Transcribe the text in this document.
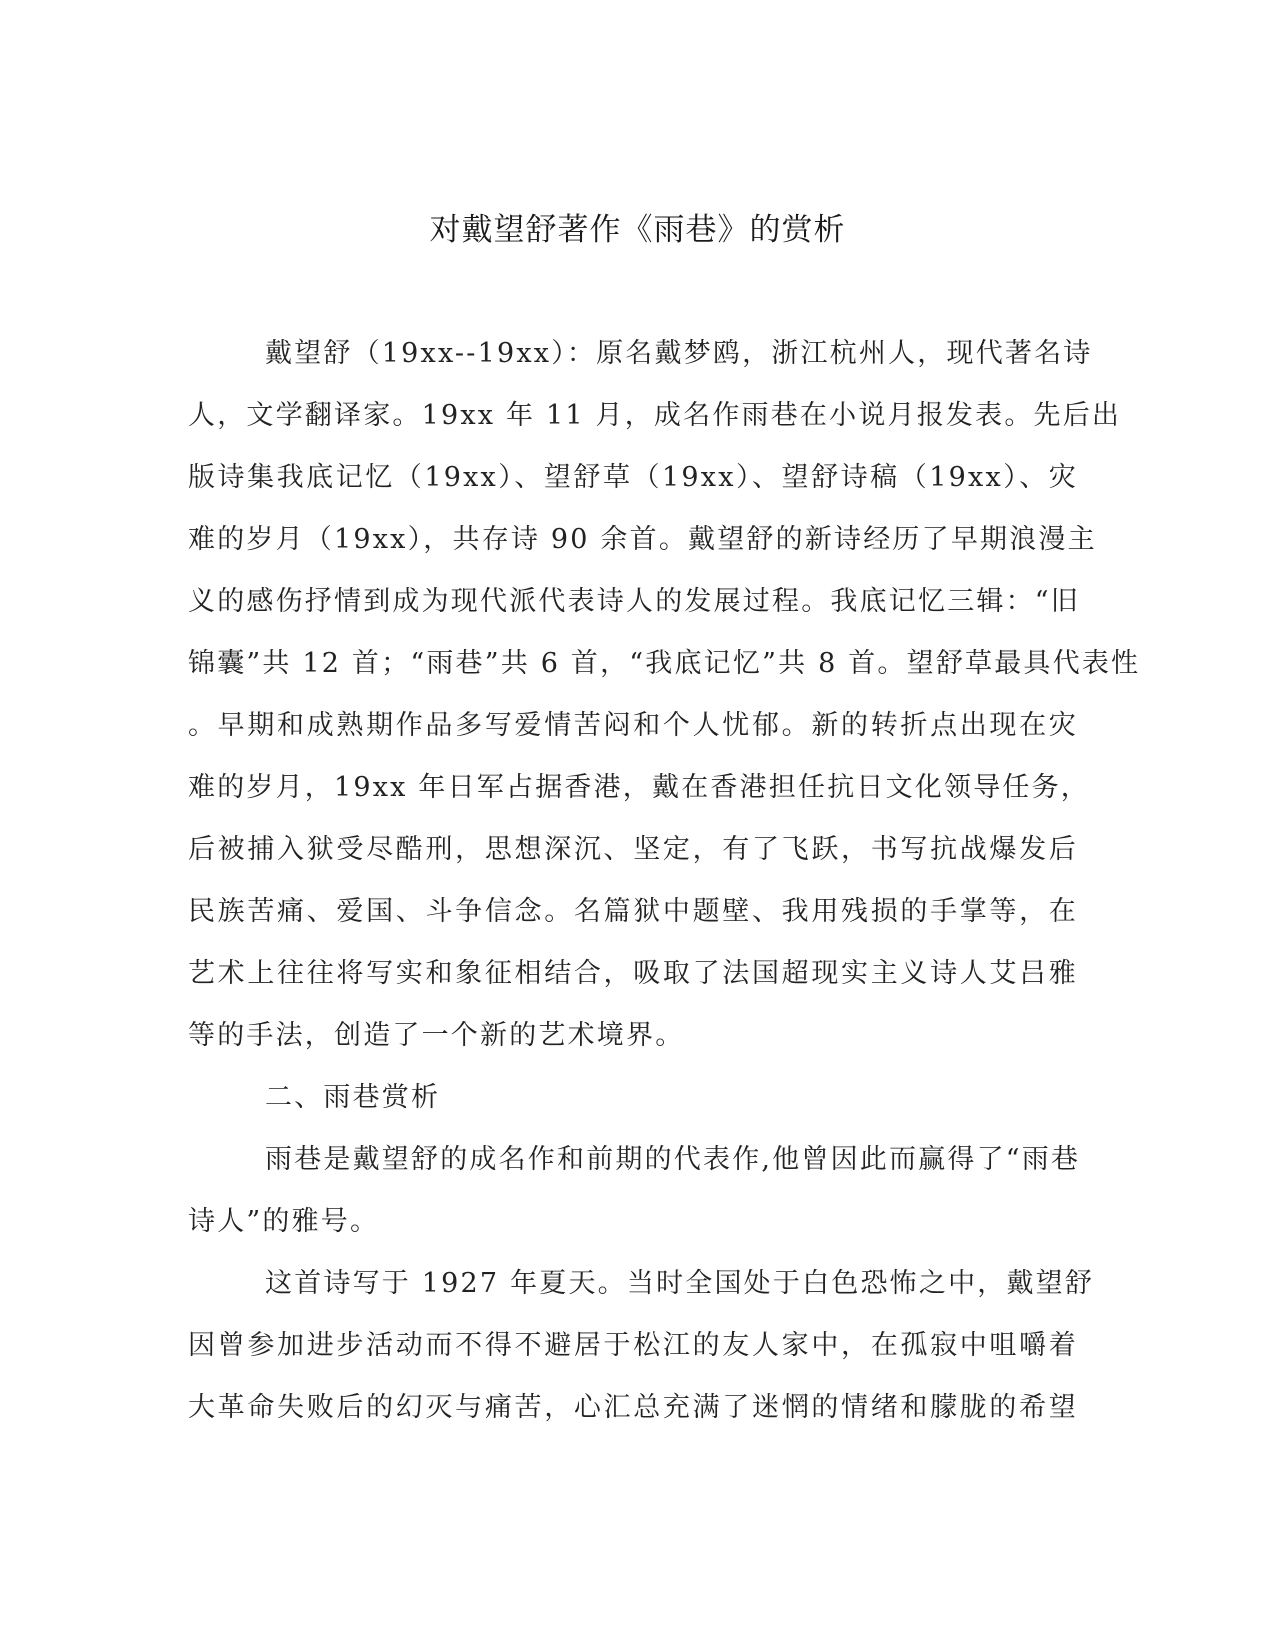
对戴望舒著作《雨巷》的赏析
戴望舒（19xx--19xx）：原名戴梦鸥，浙江杭州人，现代著名诗
人，文学翻译家。19xx 年 11 月，成名作雨巷在小说月报发表。先后出
版诗集我底记忆（19xx）、望舒草（19xx）、望舒诗稿（19xx）、灾
难的岁月（19xx），共存诗 90 余首。戴望舒的新诗经历了早期浪漫主
义的感伤抒情到成为现代派代表诗人的发展过程。我底记忆三辑：“旧
锦囊”共 12 首；“雨巷”共 6 首，“我底记忆”共 8 首。望舒草最具代表性
。早期和成熟期作品多写爱情苦闷和个人忧郁。新的转折点出现在灾
难的岁月，19xx 年日军占据香港，戴在香港担任抗日文化领导任务，
后被捕入狱受尽酷刑，思想深沉、坚定，有了飞跃，书写抗战爆发后
民族苦痛、爱国、斗争信念。名篇狱中题壁、我用残损的手掌等，在
艺术上往往将写实和象征相结合，吸取了法国超现实主义诗人艾吕雅
等的手法，创造了一个新的艺术境界。
二、雨巷赏析
雨巷是戴望舒的成名作和前期的代表作,他曾因此而赢得了“雨巷
诗人”的雅号。
这首诗写于 1927 年夏天。当时全国处于白色恐怖之中，戴望舒
因曾参加进步活动而不得不避居于松江的友人家中，在孤寂中咀嚼着
大革命失败后的幻灭与痛苦，心汇总充满了迷惘的情绪和朦胧的希望
